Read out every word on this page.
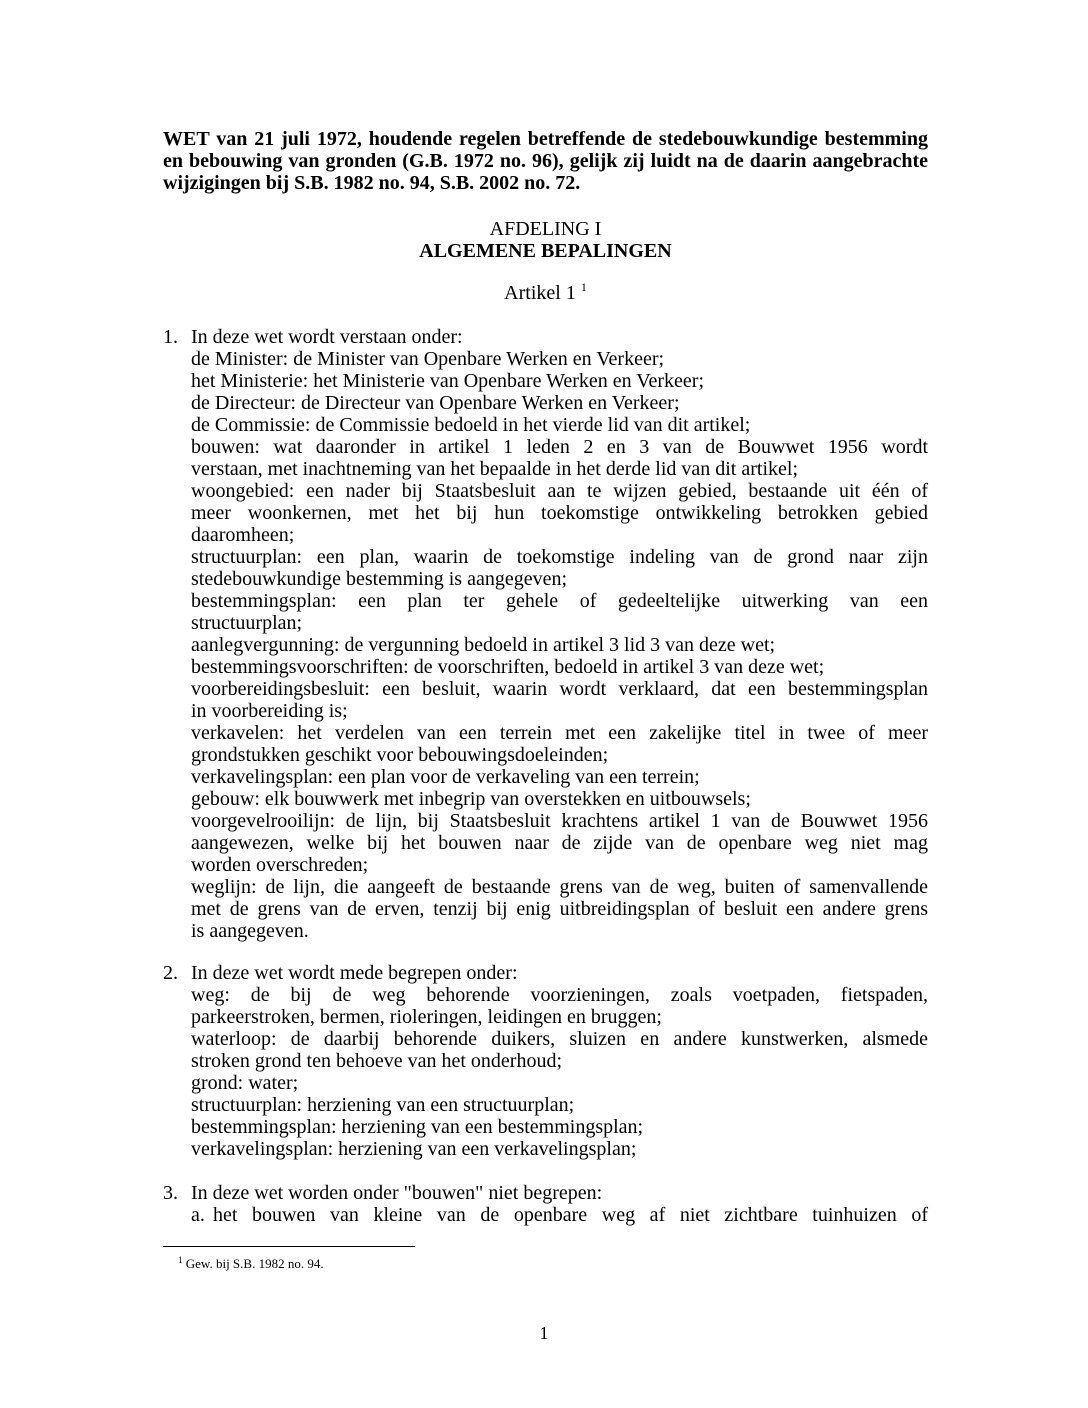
WET van 21 juli 1972, houdende regelen betreffende de stedebouwkundige bestemming en bebouwing van gronden (G.B. 1972 no. 96), gelijk zij luidt na de daarin aangebrachte wijzigingen bij S.B. 1982 no. 94, S.B. 2002 no. 72.
AFDELING I
ALGEMENE BEPALINGEN
Artikel 1 $^1$
1. In deze wet wordt verstaan onder:
de Minister: de Minister van Openbare Werken en Verkeer;
het Ministerie: het Ministerie van Openbare Werken en Verkeer;
de Directeur: de Directeur van Openbare Werken en Verkeer;
de Commissie: de Commissie bedoeld in het vierde lid van dit artikel;
bouwen: wat daaronder in artikel 1 leden 2 en 3 van de Bouwwet 1956 wordt
verstaan, met inachtneming van het bepaalde in het derde lid van dit artikel;
woongebied: een nader bij Staatsbesluit aan te wijzen gebied, bestaande uit één of
meer woonkernen, met het bij hun toekomstige ontwikkeling betrokken gebied
daaromheen;
structuurplan: een plan, waarin de toekomstige indeling van de grond naar zijn
stedebouwkundige bestemming is aangegeven;
bestemmingsplan: een plan ter gehele of gedeeltelijke uitwerking van een
structuurplan;
aanlegvergunning: de vergunning bedoeld in artikel 3 lid 3 van deze wet;
bestemmingsvoorschriften: de voorschriften, bedoeld in artikel 3 van deze wet;
voorbereidingsbesluit: een besluit, waarin wordt verklaard, dat een bestemmingsplan
in voorbereiding is;
verkavelen: het verdelen van een terrein met een zakelijke titel in twee of meer
grondstukken geschikt voor bebouwingsdoeleinden;
verkavelingsplan: een plan voor de verkaveling van een terrein;
gebouw: elk bouwwerk met inbegrip van overstekken en uitbouwsels;
voorgevelrooilijn: de lijn, bij Staatsbesluit krachtens artikel 1 van de Bouwwet 1956
aangewezen, welke bij het bouwen naar de zijde van de openbare weg niet mag
worden overschreden;
weglijn: de lijn, die aangeeft de bestaande grens van de weg, buiten of samenvallende
met de grens van de erven, tenzij bij enig uitbreidingsplan of besluit een andere grens
is aangegeven.
2. In deze wet wordt mede begrepen onder:
weg: de bij de weg behorende voorzieningen, zoals voetpaden, fietspaden,
parkeerstroken, bermen, rioleringen, leidingen en bruggen;
waterloop: de daarbij behorende duikers, sluizen en andere kunstwerken, alsmede
stroken grond ten behoeve van het onderhoud;
grond: water;
structuurplan: herziening van een structuurplan;
bestemmingsplan: herziening van een bestemmingsplan;
verkavelingsplan: herziening van een verkavelingsplan;
3. In deze wet worden onder "bouwen" niet begrepen:
a. het bouwen van kleine van de openbare weg af niet zichtbare tuinhuizen of
$^1$ Gew. bij S.B. 1982 no. 94.
1
